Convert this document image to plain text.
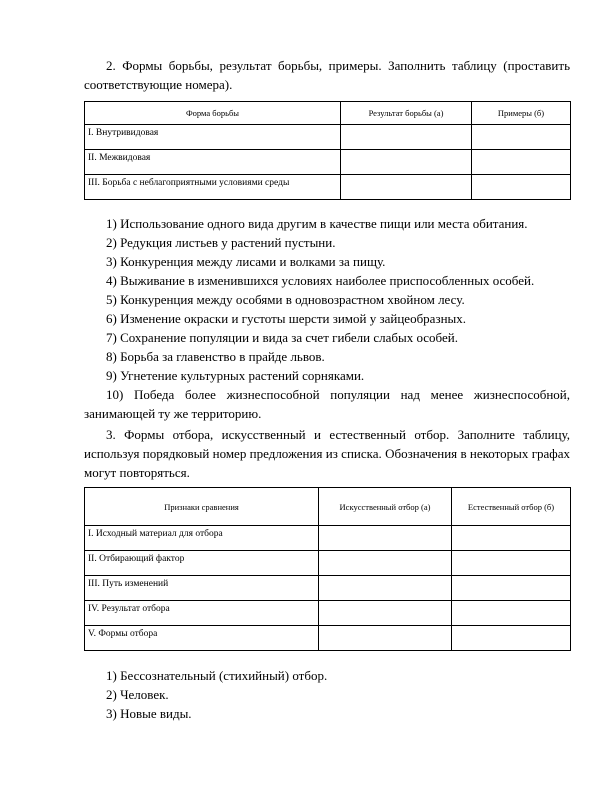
2. Формы борьбы, результат борьбы, примеры. Заполнить таблицу (проставить соответствующие номера).
Форма борьбы	Результат борьбы (а)	Примеры (б)
I. Внутривидовая		
II. Межвидовая		
III. Борьба с неблагоприятными условиями среды		
1) Использование одного вида другим в качестве пищи или места обитания.
2) Редукция листьев у растений пустыни.
3) Конкуренция между лисами и волками за пищу.
4) Выживание в изменившихся условиях наиболее приспособленных особей.
5) Конкуренция между особями в одновозрастном хвойном лесу.
6) Изменение окраски и густоты шерсти зимой у зайцеобразных.
7) Сохранение популяции и вида за счет гибели слабых особей.
8) Борьба за главенство в прайде львов.
9) Угнетение культурных растений сорняками.
10) Победа более жизнеспособной популяции над менее жизнеспособной, занимающей ту же территорию.
3. Формы отбора, искусственный и естественный отбор. Заполните таблицу, используя порядковый номер предложения из списка. Обозначения в некоторых графах могут повторяться.
Признаки сравнения	Искусственный отбор (а)	Естественный отбор (б)
I. Исходный материал для отбора		
II. Отбирающий фактор		
III. Путь изменений		
IV. Результат отбора		
V. Формы отбора		
1) Бессознательный (стихийный) отбор.
2) Человек.
3) Новые виды.
